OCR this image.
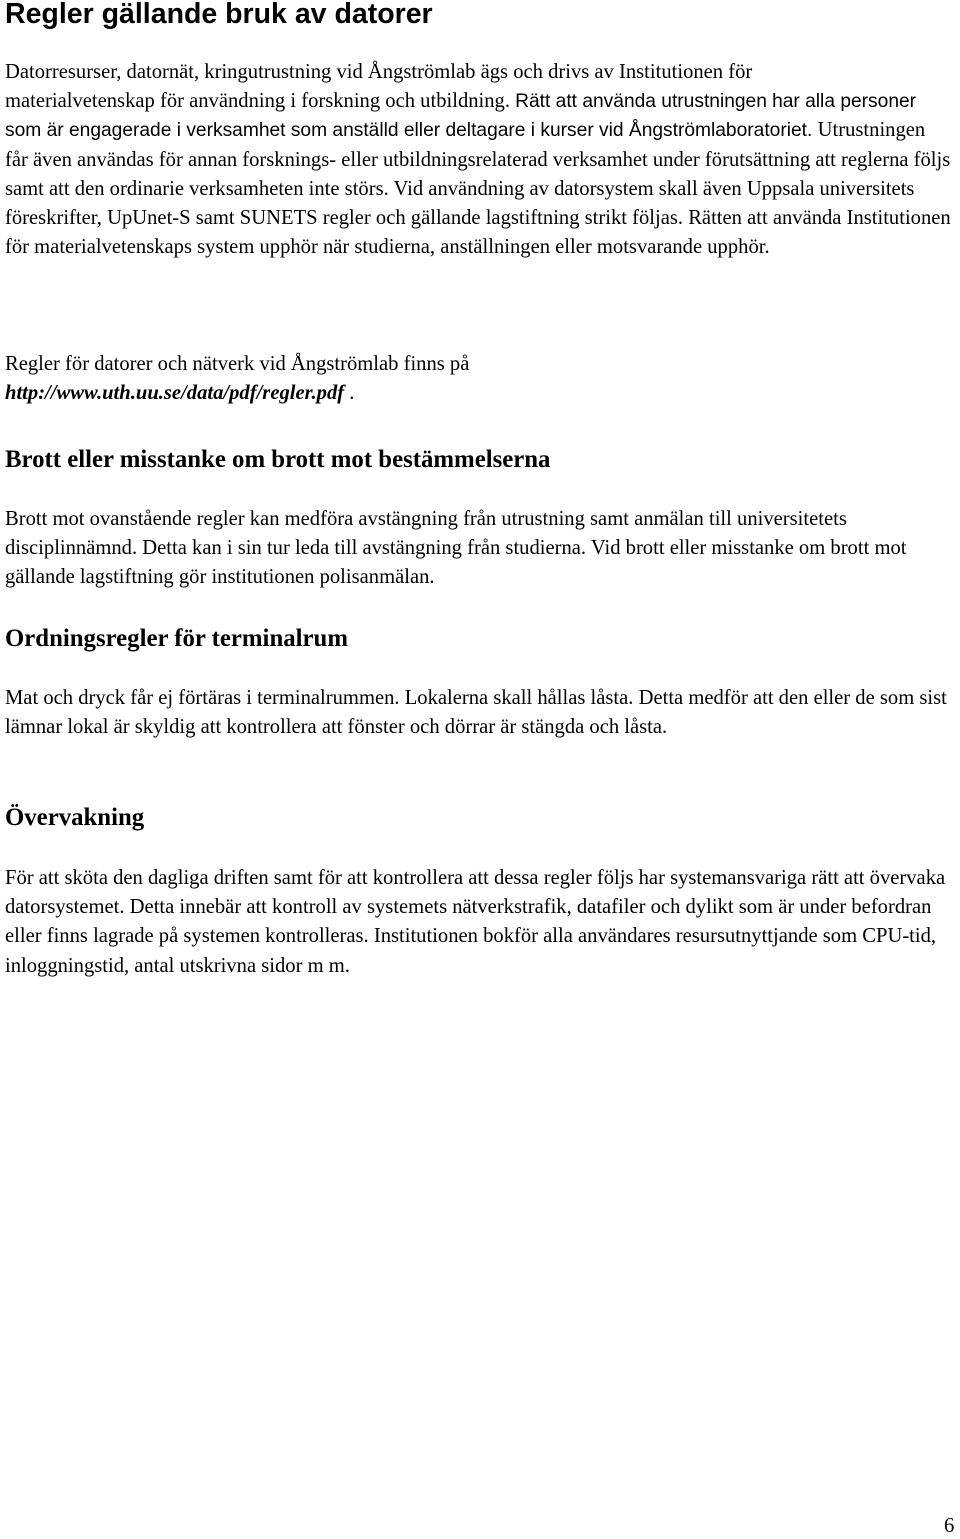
Regler gällande bruk av datorer

Datorresurser, datornät, kringutrustning vid Ångströmlab ägs och drivs av Institutionen för
materialvetenskap för användning i forskning och utbildning. Rätt att använda utrustningen har alla personer som är engagerade i verksamhet som anställd eller deltagare i kurser vid Ångströmlaboratoriet. Utrustningen får även användas för annan forsknings- eller utbildningsrelaterad verksamhet under förutsättning att reglerna följs samt att den ordinarie verksamheten inte störs. Vid användning av datorsystem skall även Uppsala universitets föreskrifter, UpUnet-S samt SUNETS regler och gällande lagstiftning strikt följas. Rätten att använda Institutionen för materialvetenskaps system upphör när studierna, anställningen eller motsvarande upphör.

Regler för datorer och nätverk vid Ångströmlab finns på
http://www.uth.uu.se/data/pdf/regler.pdf .

Brott eller misstanke om brott mot bestämmelserna

Brott mot ovanstående regler kan medföra avstängning från utrustning samt anmälan till universitetets disciplinnämnd. Detta kan i sin tur leda till avstängning från studierna. Vid brott eller misstanke om brott mot gällande lagstiftning gör institutionen polisanmälan.

Ordningsregler för terminalrum

Mat och dryck får ej förtäras i terminalrummen. Lokalerna skall hållas låsta. Detta medför att den eller de som sist lämnar lokal är skyldig att kontrollera att fönster och dörrar är stängda och låsta.

Övervakning

För att sköta den dagliga driften samt för att kontrollera att dessa regler följs har systemansvariga rätt att övervaka datorsystemet. Detta innebär att kontroll av systemets nätverkstrafik, datafiler och dylikt som är under befordran eller finns lagrade på systemen kontrolleras. Institutionen bokför alla användares resursutnyttjande som CPU-tid, inloggningstid, antal utskrivna sidor m m.

6
